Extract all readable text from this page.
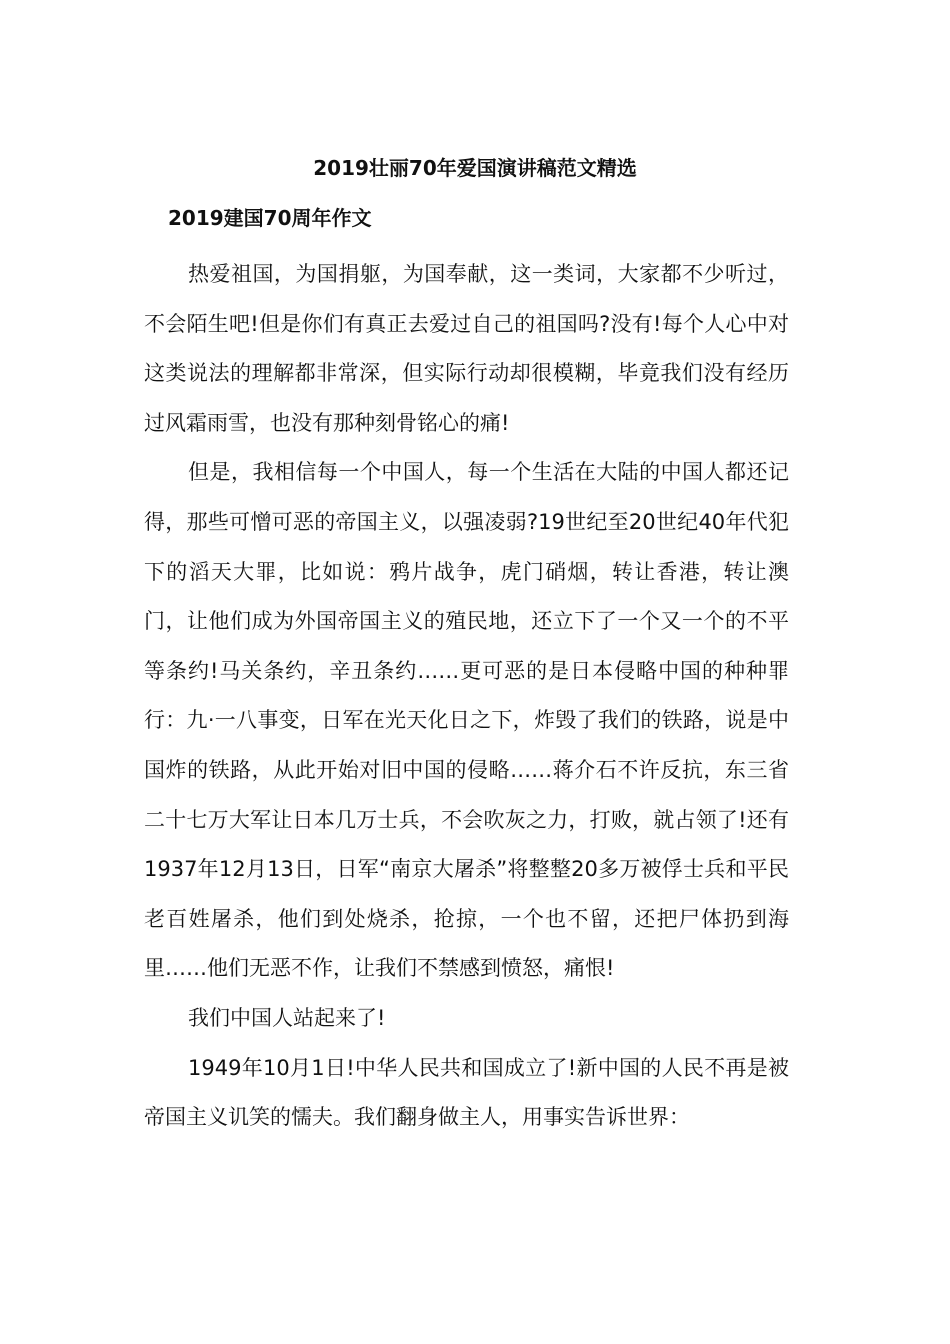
2019壮丽70年爱国演讲稿范文精选
2019建国70周年作文

热爱祖国，为国捐躯，为国奉献，这一类词，大家都不少听过，不会陌生吧!但是你们有真正去爱过自己的祖国吗?没有!每个人心中对这类说法的理解都非常深，但实际行动却很模糊，毕竟我们没有经历过风霜雨雪，也没有那种刻骨铭心的痛!

但是，我相信每一个中国人，每一个生活在大陆的中国人都还记得，那些可憎可恶的帝国主义，以强凌弱?19世纪至20世纪40年代犯下的滔天大罪，比如说：鸦片战争，虎门硝烟，转让香港，转让澳门，让他们成为外国帝国主义的殖民地，还立下了一个又一个的不平等条约!马关条约，辛丑条约……更可恶的是日本侵略中国的种种罪行：九·一八事变，日军在光天化日之下，炸毁了我们的铁路，说是中国炸的铁路，从此开始对旧中国的侵略……蒋介石不许反抗，东三省二十七万大军让日本几万士兵，不会吹灰之力，打败，就占领了!还有1937年12月13日，日军“南京大屠杀”将整整20多万被俘士兵和平民老百姓屠杀，他们到处烧杀，抢掠，一个也不留，还把尸体扔到海里……他们无恶不作，让我们不禁感到愤怒，痛恨!

我们中国人站起来了!

1949年10月1日!中华人民共和国成立了!新中国的人民不再是被帝国主义讥笑的懦夫。我们翻身做主人，用事实告诉世界：
